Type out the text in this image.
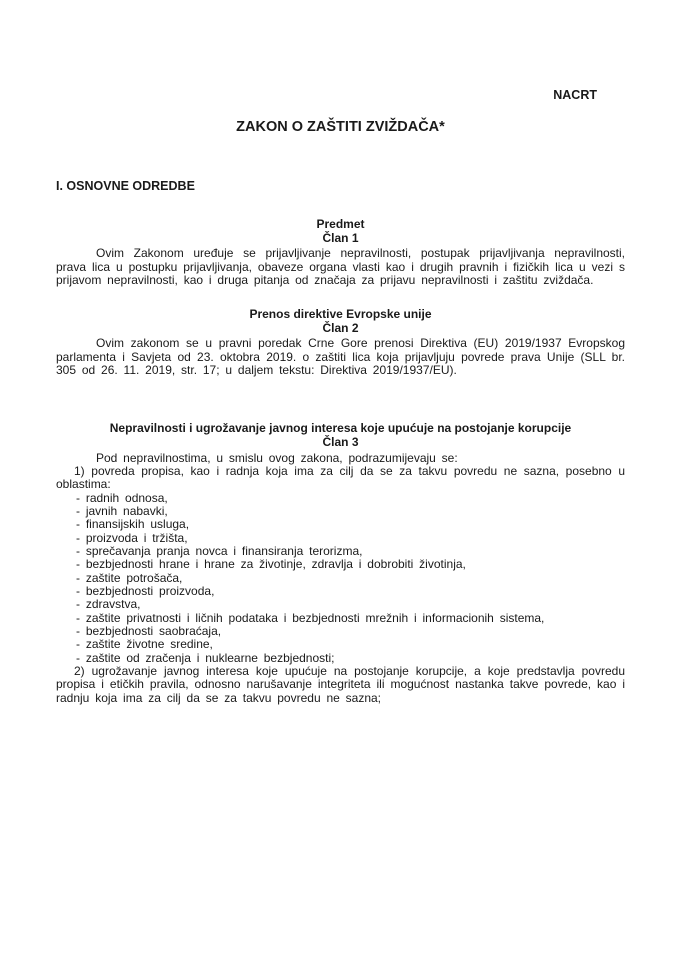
NACRT
ZAKON O ZAŠTITI ZVIŽDAČA*
I. OSNOVNE ODREDBE
Predmet
Član 1

Ovim Zakonom uređuje se prijavljivanje nepravilnosti, postupak prijavljivanja nepravilnosti, prava lica u postupku prijavljivanja, obaveze organa vlasti kao i drugih pravnih i fizičkih lica u vezi s prijavom nepravilnosti, kao i druga pitanja od značaja za prijavu nepravilnosti i zaštitu zviždača.

Prenos direktive Evropske unije
Član 2

Ovim zakonom se u pravni poredak Crne Gore prenosi Direktiva (EU) 2019/1937 Evropskog parlamenta i Savjeta od 23. oktobra 2019. o zaštiti lica koja prijavljuju povrede prava Unije (SLL br. 305 od 26. 11. 2019, str. 17; u daljem tekstu: Direktiva 2019/1937/EU).

Nepravilnosti i ugrožavanje javnog interesa koje upućuje na postojanje korupcije
Član 3

Pod nepravilnostima, u smislu ovog zakona, podrazumijevaju se:

1) povreda propisa, kao i radnja koja ima za cilj da se za takvu povredu ne sazna, posebno u oblastima:

- radnih odnosa,

- javnih nabavki,

- finansijskih usluga,

- proizvoda i tržišta,

- sprečavanja pranja novca i finansiranja terorizma,

- bezbjednosti hrane i hrane za životinje, zdravlja i dobrobiti životinja,

- zaštite potrošača,

- bezbjednosti proizvoda,

- zdravstva,

- zaštite privatnosti i ličnih podataka i bezbjednosti mrežnih i informacionih sistema,

- bezbjednosti saobraćaja,

- zaštite životne sredine,

- zaštite od zračenja i nuklearne bezbjednosti;

2) ugrožavanje javnog interesa koje upućuje na postojanje korupcije, a koje predstavlja povredu propisa i etičkih pravila, odnosno narušavanje integriteta ili mogućnost nastanka takve povrede, kao i radnju koja ima za cilj da se za takvu povredu ne sazna;
